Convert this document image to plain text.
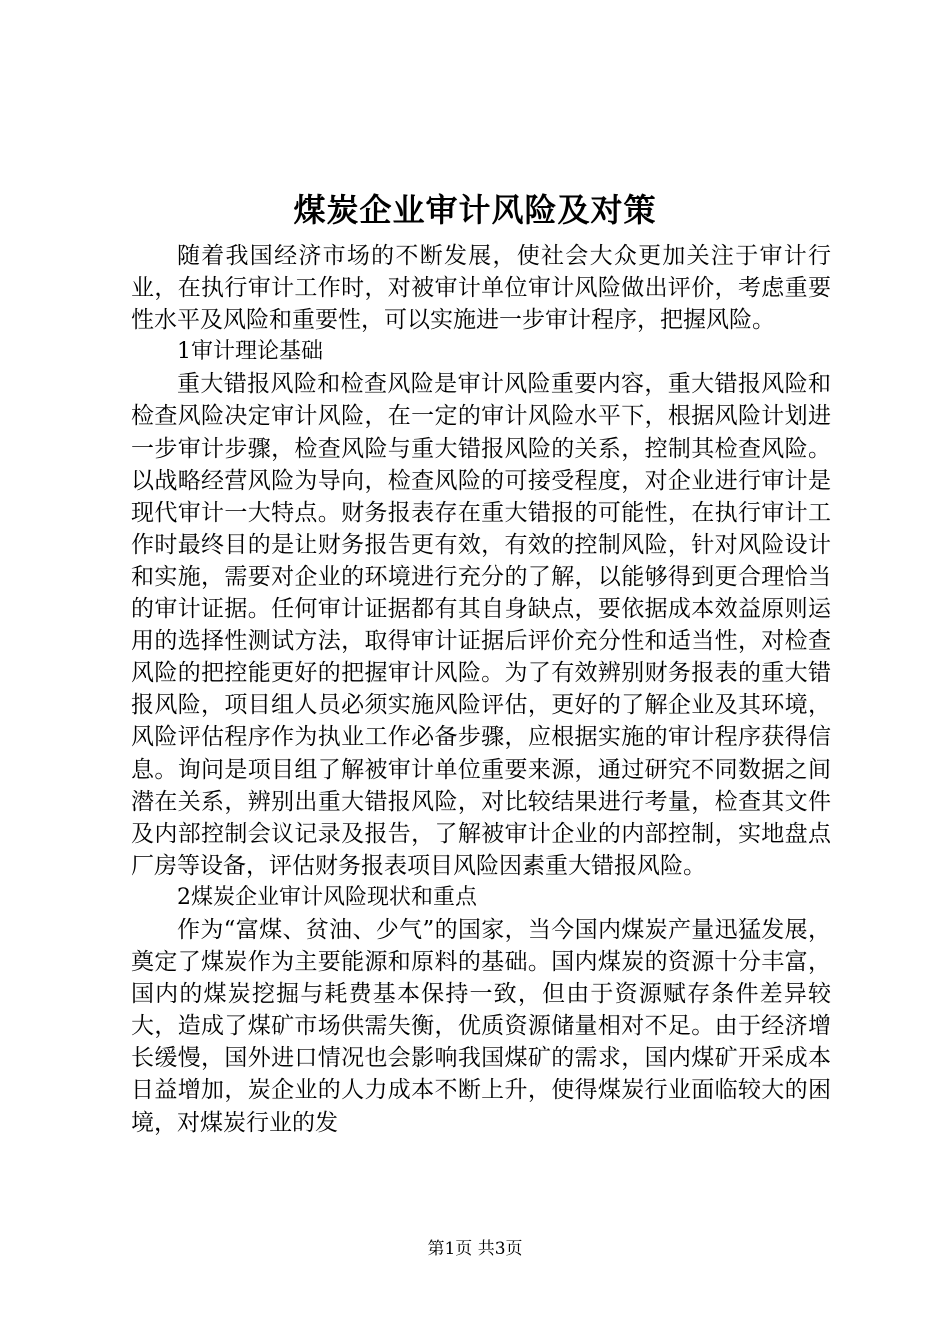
煤炭企业审计风险及对策

随着我国经济市场的不断发展，使社会大众更加关注于审计行业，在执行审计工作时，对被审计单位审计风险做出评价，考虑重要性水平及风险和重要性，可以实施进一步审计程序，把握风险。

1审计理论基础

重大错报风险和检查风险是审计风险重要内容，重大错报风险和检查风险决定审计风险，在一定的审计风险水平下，根据风险计划进一步审计步骤，检查风险与重大错报风险的关系，控制其检查风险。以战略经营风险为导向，检查风险的可接受程度，对企业进行审计是现代审计一大特点。财务报表存在重大错报的可能性，在执行审计工作时最终目的是让财务报告更有效，有效的控制风险，针对风险设计和实施，需要对企业的环境进行充分的了解，以能够得到更合理恰当的审计证据。任何审计证据都有其自身缺点，要依据成本效益原则运用的选择性测试方法，取得审计证据后评价充分性和适当性，对检查风险的把控能更好的把握审计风险。为了有效辨别财务报表的重大错报风险，项目组人员必须实施风险评估，更好的了解企业及其环境，风险评估程序作为执业工作必备步骤，应根据实施的审计程序获得信息。询问是项目组了解被审计单位重要来源，通过研究不同数据之间潜在关系，辨别出重大错报风险，对比较结果进行考量，检查其文件及内部控制会议记录及报告，了解被审计企业的内部控制，实地盘点厂房等设备，评估财务报表项目风险因素重大错报风险。

2煤炭企业审计风险现状和重点

作为“富煤、贫油、少气”的国家，当今国内煤炭产量迅猛发展，奠定了煤炭作为主要能源和原料的基础。国内煤炭的资源十分丰富，国内的煤炭挖掘与耗费基本保持一致，但由于资源赋存条件差异较大，造成了煤矿市场供需失衡，优质资源储量相对不足。由于经济增长缓慢，国外进口情况也会影响我国煤矿的需求，国内煤矿开采成本日益增加，炭企业的人力成本不断上升，使得煤炭行业面临较大的困境，对煤炭行业的发

第1页 共3页
